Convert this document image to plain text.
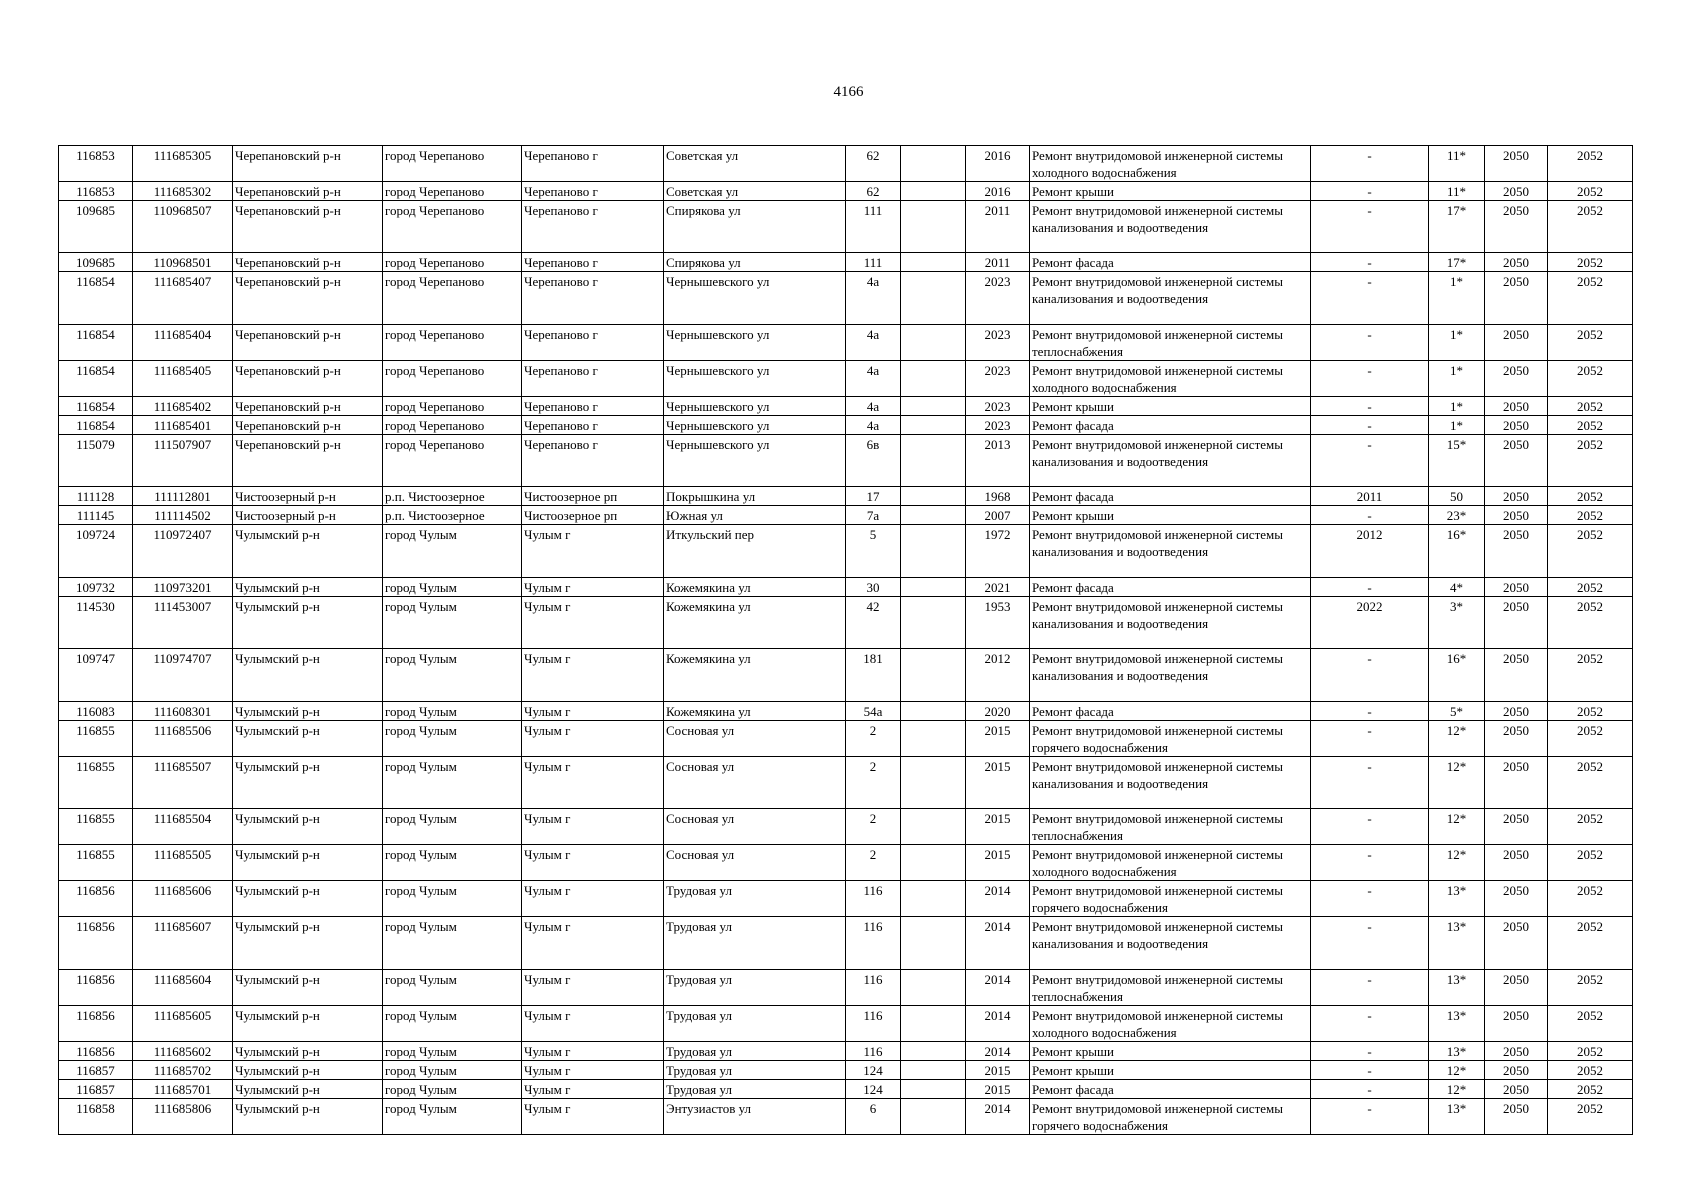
4166
116853	111685305	Черепановский р-н	город Черепаново	Черепаново г	Советская ул	62		2016	Ремонт внутридомовой инженерной системы холодного водоснабжения	-	11*	2050	2052
116853	111685302	Черепановский р-н	город Черепаново	Черепаново г	Советская ул	62		2016	Ремонт крыши	-	11*	2050	2052
109685	110968507	Черепановский р-н	город Черепаново	Черепаново г	Спирякова ул	111		2011	Ремонт внутридомовой инженерной системы канализования и водоотведения	-	17*	2050	2052
109685	110968501	Черепановский р-н	город Черепаново	Черепаново г	Спирякова ул	111		2011	Ремонт фасада	-	17*	2050	2052
116854	111685407	Черепановский р-н	город Черепаново	Черепаново г	Чернышевского ул	4а		2023	Ремонт внутридомовой инженерной системы канализования и водоотведения	-	1*	2050	2052
116854	111685404	Черепановский р-н	город Черепаново	Черепаново г	Чернышевского ул	4а		2023	Ремонт внутридомовой инженерной системы теплоснабжения	-	1*	2050	2052
116854	111685405	Черепановский р-н	город Черепаново	Черепаново г	Чернышевского ул	4а		2023	Ремонт внутридомовой инженерной системы холодного водоснабжения	-	1*	2050	2052
116854	111685402	Черепановский р-н	город Черепаново	Черепаново г	Чернышевского ул	4а		2023	Ремонт крыши	-	1*	2050	2052
116854	111685401	Черепановский р-н	город Черепаново	Черепаново г	Чернышевского ул	4а		2023	Ремонт фасада	-	1*	2050	2052
115079	111507907	Черепановский р-н	город Черепаново	Черепаново г	Чернышевского ул	6в		2013	Ремонт внутридомовой инженерной системы канализования и водоотведения	-	15*	2050	2052
111128	111112801	Чистоозерный р-н	р.п. Чистоозерное	Чистоозерное рп	Покрышкина ул	17		1968	Ремонт фасада	2011	50	2050	2052
111145	111114502	Чистоозерный р-н	р.п. Чистоозерное	Чистоозерное рп	Южная ул	7а		2007	Ремонт крыши	-	23*	2050	2052
109724	110972407	Чулымский р-н	город Чулым	Чулым г	Иткульский пер	5		1972	Ремонт внутридомовой инженерной системы канализования и водоотведения	2012	16*	2050	2052
109732	110973201	Чулымский р-н	город Чулым	Чулым г	Кожемякина ул	30		2021	Ремонт фасада	-	4*	2050	2052
114530	111453007	Чулымский р-н	город Чулым	Чулым г	Кожемякина ул	42		1953	Ремонт внутридомовой инженерной системы канализования и водоотведения	2022	3*	2050	2052
109747	110974707	Чулымский р-н	город Чулым	Чулым г	Кожемякина ул	181		2012	Ремонт внутридомовой инженерной системы канализования и водоотведения	-	16*	2050	2052
116083	111608301	Чулымский р-н	город Чулым	Чулым г	Кожемякина ул	54а		2020	Ремонт фасада	-	5*	2050	2052
116855	111685506	Чулымский р-н	город Чулым	Чулым г	Сосновая ул	2		2015	Ремонт внутридомовой инженерной системы горячего водоснабжения	-	12*	2050	2052
116855	111685507	Чулымский р-н	город Чулым	Чулым г	Сосновая ул	2		2015	Ремонт внутридомовой инженерной системы канализования и водоотведения	-	12*	2050	2052
116855	111685504	Чулымский р-н	город Чулым	Чулым г	Сосновая ул	2		2015	Ремонт внутридомовой инженерной системы теплоснабжения	-	12*	2050	2052
116855	111685505	Чулымский р-н	город Чулым	Чулым г	Сосновая ул	2		2015	Ремонт внутридомовой инженерной системы холодного водоснабжения	-	12*	2050	2052
116856	111685606	Чулымский р-н	город Чулым	Чулым г	Трудовая ул	116		2014	Ремонт внутридомовой инженерной системы горячего водоснабжения	-	13*	2050	2052
116856	111685607	Чулымский р-н	город Чулым	Чулым г	Трудовая ул	116		2014	Ремонт внутридомовой инженерной системы канализования и водоотведения	-	13*	2050	2052
116856	111685604	Чулымский р-н	город Чулым	Чулым г	Трудовая ул	116		2014	Ремонт внутридомовой инженерной системы теплоснабжения	-	13*	2050	2052
116856	111685605	Чулымский р-н	город Чулым	Чулым г	Трудовая ул	116		2014	Ремонт внутридомовой инженерной системы холодного водоснабжения	-	13*	2050	2052
116856	111685602	Чулымский р-н	город Чулым	Чулым г	Трудовая ул	116		2014	Ремонт крыши	-	13*	2050	2052
116857	111685702	Чулымский р-н	город Чулым	Чулым г	Трудовая ул	124		2015	Ремонт крыши	-	12*	2050	2052
116857	111685701	Чулымский р-н	город Чулым	Чулым г	Трудовая ул	124		2015	Ремонт фасада	-	12*	2050	2052
116858	111685806	Чулымский р-н	город Чулым	Чулым г	Энтузиастов ул	6		2014	Ремонт внутридомовой инженерной системы горячего водоснабжения	-	13*	2050	2052
